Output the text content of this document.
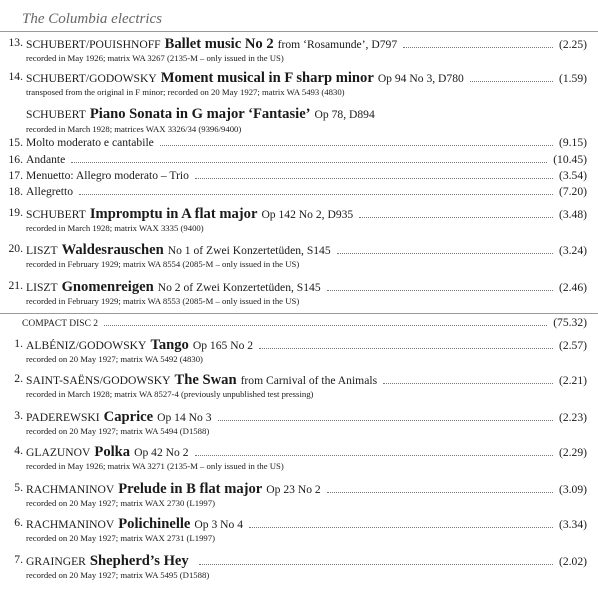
The Columbia electrics
13. SCHUBERT/POUISHNOFF Ballet music No 2 from ‘Rosamunde’, D797	(2.25)
recorded in May 1926; matrix WA 3267 (2135-M – only issued in the US)
14. SCHUBERT/GODOWSKY Moment musical in F sharp minor Op 94 No 3, D780	(1.59)
transposed from the original in F minor; recorded on 20 May 1927; matrix WA 5493 (4830)
SCHUBERT Piano Sonata in G major ‘Fantasie’ Op 78, D894
recorded in March 1928; matrices WAX 3326/34 (9396/9400)
15. Molto moderato e cantabile	(9.15)
16. Andante	(10.45)
17. Menuetto: Allegro moderato – Trio	(3.54)
18. Allegretto	(7.20)
19. SCHUBERT Impromptu in A flat major Op 142 No 2, D935	(3.48)
recorded in March 1928; matrix WAX 3335 (9400)
20. LISZT Waldesrauschen No 1 of Zwei Konzertetüden, S145	(3.24)
recorded in February 1929; matrix WA 8554 (2085-M – only issued in the US)
21. LISZT Gnomenreigen No 2 of Zwei Konzertetüden, S145	(2.46)
recorded in February 1929; matrix WA 8553 (2085-M – only issued in the US)
COMPACT DISC 2	(75.32)
1. ALBÉNIZ/GODOWSKY Tango Op 165 No 2	(2.57)
recorded on 20 May 1927; matrix WA 5492 (4830)
2. SAINT-SAËNS/GODOWSKY The Swan from Carnival of the Animals	(2.21)
recorded in March 1928; matrix WA 8527-4 (previously unpublished test pressing)
3. PADEREWSKI Caprice Op 14 No 3	(2.23)
recorded on 20 May 1927; matrix WA 5494 (D1588)
4. GLAZUNOV Polka Op 42 No 2	(2.29)
recorded in May 1926; matrix WA 3271 (2135-M – only issued in the US)
5. RACHMANINOV Prelude in B flat major Op 23 No 2	(3.09)
recorded on 20 May 1927; matrix WAX 2730 (L1997)
6. RACHMANINOV Polichinelle Op 3 No 4	(3.34)
recorded on 20 May 1927; matrix WAX 2731 (L1997)
7. GRAINGER Shepherd’s Hey	(2.02)
recorded on 20 May 1927; matrix WA 5495 (D1588)
